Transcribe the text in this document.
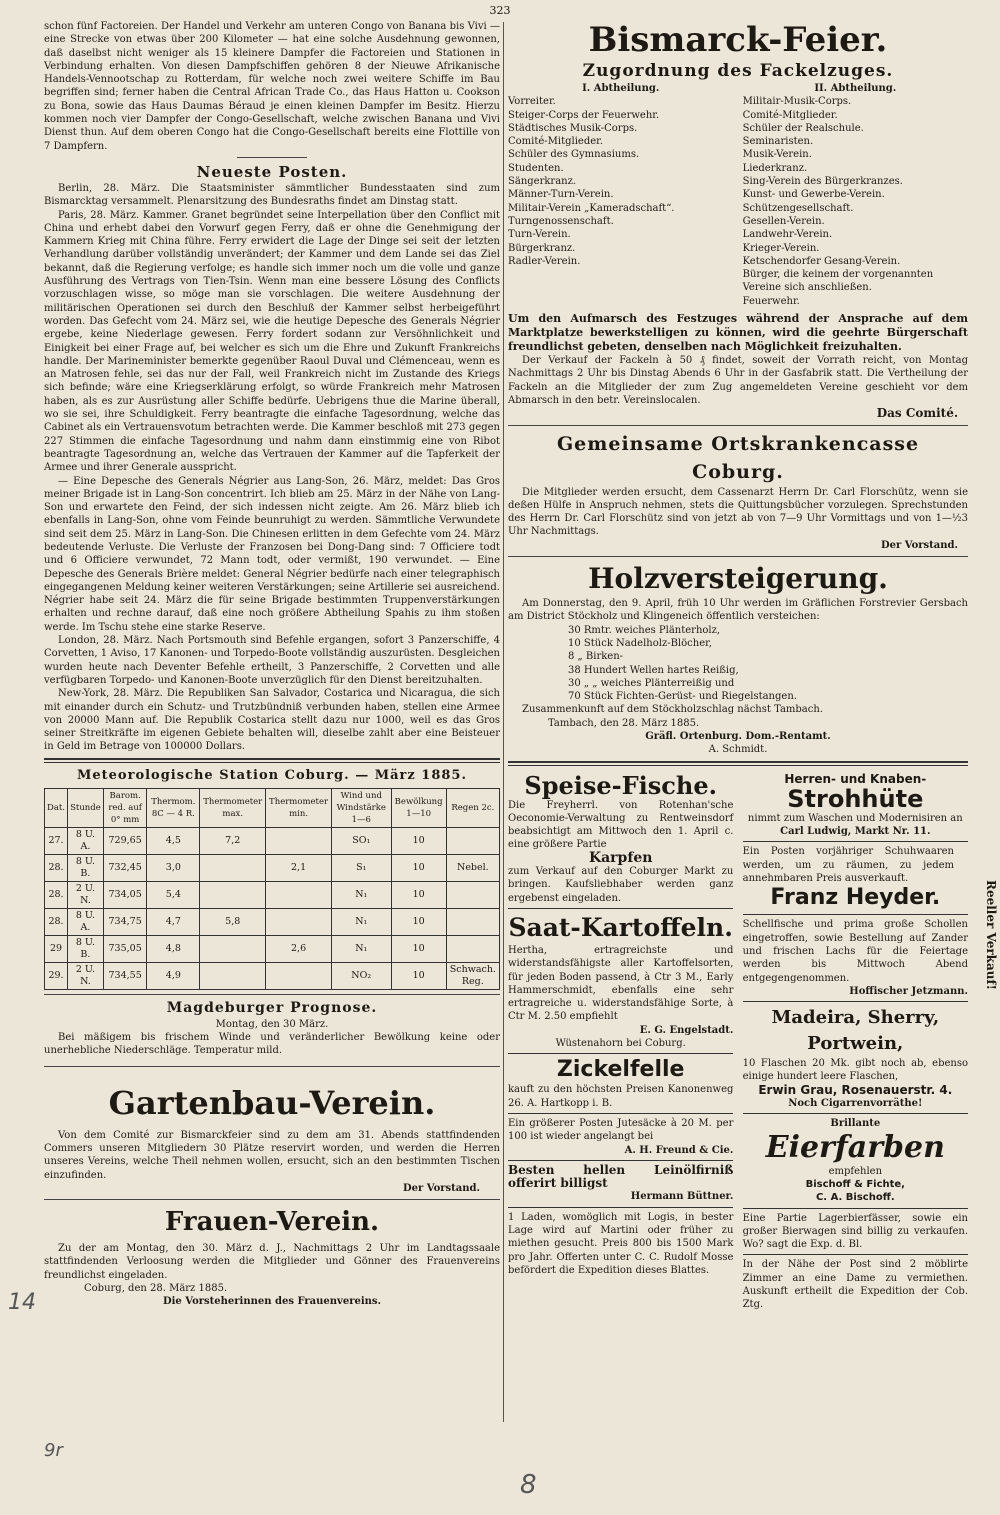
323

schon fünf Factoreien. Der Handel und Verkehr am unteren Congo von Banana bis Vivi — eine Strecke von etwas über 200 Kilometer — hat eine solche Ausdehnung gewonnen, daß daselbst nicht weniger als 15 kleinere Dampfer die Factoreien und Stationen in Verbindung erhalten. Von diesen Dampfschiffen gehören 8 der Nieuwe Afrikanische Handels-Vennootschap zu Rotterdam, für welche noch zwei weitere Schiffe im Bau begriffen sind; ferner haben die Central African Trade Co., das Haus Hatton u. Cookson zu Bona, sowie das Haus Daumas Béraud je einen kleinen Dampfer im Besitz. Hierzu kommen noch vier Dampfer der Congo-Gesellschaft, welche zwischen Banana und Vivi Dienst thun. Auf dem oberen Congo hat die Congo-Gesellschaft bereits eine Flottille von 7 Dampfern.

Neueste Posten.

Berlin, 28. März. Die Staatsminister sämmtlicher Bundesstaaten sind zum Bismarcktag versammelt. Plenarsitzung des Bundesraths findet am Dinstag statt.

Paris, 28. März. Kammer. Granet begründet seine Interpellation über den Conflict mit China und erhebt dabei den Vorwurf gegen Ferry, daß er ohne die Genehmigung der Kammern Krieg mit China führe. Ferry erwidert die Lage der Dinge sei seit der letzten Verhandlung darüber vollständig unverändert; der Kammer und dem Lande sei das Ziel bekannt, daß die Regierung verfolge; es handle sich immer noch um die volle und ganze Ausführung des Vertrags von Tien-Tsin. Wenn man eine bessere Lösung des Conflicts vorzuschlagen wisse, so möge man sie vorschlagen. Die weitere Ausdehnung der militärischen Operationen sei durch den Beschluß der Kammer selbst herbeigeführt worden. Das Gefecht vom 24. März sei, wie die heutige Depesche des Generals Négrier ergebe, keine Niederlage gewesen. Ferry fordert sodann zur Versöhnlichkeit und Einigkeit bei einer Frage auf, bei welcher es sich um die Ehre und Zukunft Frankreichs handle. Der Marineminister bemerkte gegenüber Raoul Duval und Clémenceau, wenn es an Matrosen fehle, sei das nur der Fall, weil Frankreich nicht im Zustande des Kriegs sich befinde; wäre eine Kriegserklärung erfolgt, so würde Frankreich mehr Matrosen haben, als es zur Ausrüstung aller Schiffe bedürfe. Uebrigens thue die Marine überall, wo sie sei, ihre Schuldigkeit. Ferry beantragte die einfache Tagesordnung, welche das Cabinet als ein Vertrauensvotum betrachten werde. Die Kammer beschloß mit 273 gegen 227 Stimmen die einfache Tagesordnung und nahm dann einstimmig eine von Ribot beantragte Tagesordnung an, welche das Vertrauen der Kammer auf die Tapferkeit der Armee und ihrer Generale ausspricht.

— Eine Depesche des Generals Négrier aus Lang-Son, 26. März, meldet: Das Gros meiner Brigade ist in Lang-Son concentrirt. Ich blieb am 25. März in der Nähe von Lang-Son und erwartete den Feind, der sich indessen nicht zeigte. Am 26. März blieb ich ebenfalls in Lang-Son, ohne vom Feinde beunruhigt zu werden. Sämmtliche Verwundete sind seit dem 25. März in Lang-Son. Die Chinesen erlitten in dem Gefechte vom 24. März bedeutende Verluste. Die Verluste der Franzosen bei Dong-Dang sind: 7 Officiere todt und 6 Officiere verwundet, 72 Mann todt, oder vermißt, 190 verwundet. — Eine Depesche des Generals Brière meldet: General Négrier bedürfe nach einer telegraphisch eingegangenen Meldung keiner weiteren Verstärkungen; seine Artillerie sei ausreichend. Négrier habe seit 24. März die für seine Brigade bestimmten Truppenverstärkungen erhalten und rechne darauf, daß eine noch größere Abtheilung Spahis zu ihm stoßen werde. Im Tschu stehe eine starke Reserve.

London, 28. März. Nach Portsmouth sind Befehle ergangen, sofort 3 Panzerschiffe, 4 Corvetten, 1 Aviso, 17 Kanonen- und Torpedo-Boote vollständig auszurüsten. Desgleichen wurden heute nach Deventer Befehle ertheilt, 3 Panzerschiffe, 2 Corvetten und alle verfügbaren Torpedo- und Kanonen-Boote unverzüglich für den Dienst bereitzuhalten.

New-York, 28. März. Die Republiken San Salvador, Costarica und Nicaragua, die sich mit einander durch ein Schutz- und Trutzbündniß verbunden haben, stellen eine Armee von 20000 Mann auf. Die Republik Costarica stellt dazu nur 1000, weil es das Gros seiner Streitkräfte im eigenen Gebiete behalten will, dieselbe zahlt aber eine Beisteuer in Geld im Betrage von 100000 Dollars.

Meteorologische Station Coburg. — März 1885.
Dat.	Stunde	Barom. red. auf 0° mm	Thermom. 8C — 4 R.	Thermometer max.	Thermometer min.	Wind und Windstärke 1—6	Bewölkung 1—10	Regen 2c.
27.	8 U. A.	729,65	4,5	7,2		SO₁	10	
28.	8 U. B.	732,45	3,0		2,1	S₁	10	Nebel.
28.	2 U. N.	734,05	5,4			N₁	10	
28.	8 U. A.	734,75	4,7	5,8		N₁	10	
29	8 U. B.	735,05	4,8		2,6	N₁	10	
29.	2 U. N.	734,55	4,9			NO₂	10	Schwach. Reg.
Magdeburger Prognose.
Montag, den 30 März.

Bei mäßigem bis frischem Winde und veränderlicher Bewölkung keine oder unerhebliche Niederschläge. Temperatur mild.

Gartenbau-Verein.

Von dem Comité zur Bismarckfeier sind zu dem am 31. Abends stattfindenden Commers unseren Mitgliedern 30 Plätze reservirt worden, und werden die Herren unseres Vereins, welche Theil nehmen wollen, ersucht, sich an den bestimmten Tischen einzufinden.

Der Vorstand.
Frauen-Verein.

Zu der am Montag, den 30. März d. J., Nachmittags 2 Uhr im Landtagssaale stattfindenden Verloosung werden die Mitglieder und Gönner des Frauenvereins freundlichst eingeladen.

Coburg, den 28. März 1885.
Die Vorsteherinnen des Frauenvereins.
Bismarck-Feier.
Zugordnung des Fackelzuges.
I. Abtheilung.
Vorreiter.
Steiger-Corps der Feuerwehr.
Städtisches Musik-Corps.
Comité-Mitglieder.
Schüler des Gymnasiums.
Studenten.
Sängerkranz.
Männer-Turn-Verein.
Militair-Verein „Kameradschaft“.
Turngenossenschaft.
Turn-Verein.
Bürgerkranz.
Radler-Verein.
II. Abtheilung.
Militair-Musik-Corps.
Comité-Mitglieder.
Schüler der Realschule.
Seminaristen.
Musik-Verein.
Liederkranz.
Sing-Verein des Bürgerkranzes.
Kunst- und Gewerbe-Verein.
Schützengesellschaft.
Gesellen-Verein.
Landwehr-Verein.
Krieger-Verein.
Ketschendorfer Gesang-Verein.
Bürger, die keinem der vorgenannten Vereine sich anschließen.
Feuerwehr.

Um den Aufmarsch des Festzuges während der Ansprache auf dem Marktplatze bewerkstelligen zu können, wird die geehrte Bürgerschaft freundlichst gebeten, denselben nach Möglichkeit freizuhalten.

Der Verkauf der Fackeln à 50 ₰ findet, soweit der Vorrath reicht, von Montag Nachmittags 2 Uhr bis Dinstag Abends 6 Uhr in der Gasfabrik statt. Die Vertheilung der Fackeln an die Mitglieder der zum Zug angemeldeten Vereine geschieht vor dem Abmarsch in den betr. Vereinslocalen.

Das Comité.
Gemeinsame Ortskrankencasse Coburg.

Die Mitglieder werden ersucht, dem Cassenarzt Herrn Dr. Carl Florschütz, wenn sie deßen Hülfe in Anspruch nehmen, stets die Quittungsbücher vorzulegen. Sprechstunden des Herrn Dr. Carl Florschütz sind von jetzt ab von 7—9 Uhr Vormittags und von 1—½3 Uhr Nachmittags.

Der Vorstand.
Holzversteigerung.

Am Donnerstag, den 9. April, früh 10 Uhr werden im Gräflichen Forstrevier Gersbach am District Stöckholz und Klingeneich öffentlich versteichen:

30 Rmtr. weiches Plänterholz,
10 Stück Nadelholz-Blöcher,
8 „ Birken-
38 Hundert Wellen hartes Reißig,
30 „ „ weiches Plänterreißig und
70 Stück Fichten-Gerüst- und Riegelstangen.

Zusammenkunft auf dem Stöckholzschlag nächst Tambach.

Tambach, den 28. März 1885.
Gräfl. Ortenburg. Dom.-Rentamt.
A. Schmidt.
Speise-Fische.

Die Freyherrl. von Rotenhan'sche Oeconomie-Verwaltung zu Rentweinsdorf beabsichtigt am Mittwoch den 1. April c. eine größere Partie

Karpfen

zum Verkauf auf den Coburger Markt zu bringen. Kaufsliebhaber werden ganz ergebenst eingeladen.

Saat-Kartoffeln.

Hertha, ertragreichste und widerstandsfähigste aller Kartoffelsorten, für jeden Boden passend, à Ctr 3 M., Early Hammerschmidt, ebenfalls eine sehr ertragreiche u. widerstandsfähige Sorte, à Ctr M. 2.50 empfiehlt

E. G. Engelstadt.
Wüstenahorn bei Coburg.
Zickelfelle

kauft zu den höchsten Preisen Kanonenweg 26. A. Hartkopp i. B.

Ein größerer Posten Jutesäcke à 20 M. per 100 ist wieder angelangt bei

A. H. Freund & Cie.

Besten hellen Leinölfirniß offerirt billigst

Hermann Büttner.

1 Laden, womöglich mit Logis, in bester Lage wird auf Martini oder früher zu miethen gesucht. Preis 800 bis 1500 Mark pro Jahr. Offerten unter C. C. Rudolf Mosse befördert die Expedition dieses Blattes.

Herren- und Knaben-
Strohhüte
nimmt zum Waschen und Modernisiren an
Carl Ludwig, Markt Nr. 11.

Ein Posten vorjähriger Schuhwaaren werden, um zu räumen, zu jedem annehmbaren Preis ausverkauft.

Franz Heyder.

Schellfische und prima große Schollen eingetroffen, sowie Bestellung auf Zander und frischen Lachs für die Feiertage werden bis Mittwoch Abend entgegengenommen.

Hoffischer Jetzmann.
Madeira, Sherry, Portwein,

10 Flaschen 20 Mk. gibt noch ab, ebenso einige hundert leere Flaschen,

Erwin Grau, Rosenauerstr. 4.
Noch Cigarrenvorräthe!
Brillante
Eierfarben
empfehlen
Bischoff & Fichte,
C. A. Bischoff.

Eine Partie Lagerbierfässer, sowie ein großer Bierwagen sind billig zu verkaufen. Wo? sagt die Exp. d. Bl.

In der Nähe der Post sind 2 möblirte Zimmer an eine Dame zu vermiethen. Auskunft ertheilt die Expedition der Cob. Ztg.

Reeller Verkauf!
14
9r
8
